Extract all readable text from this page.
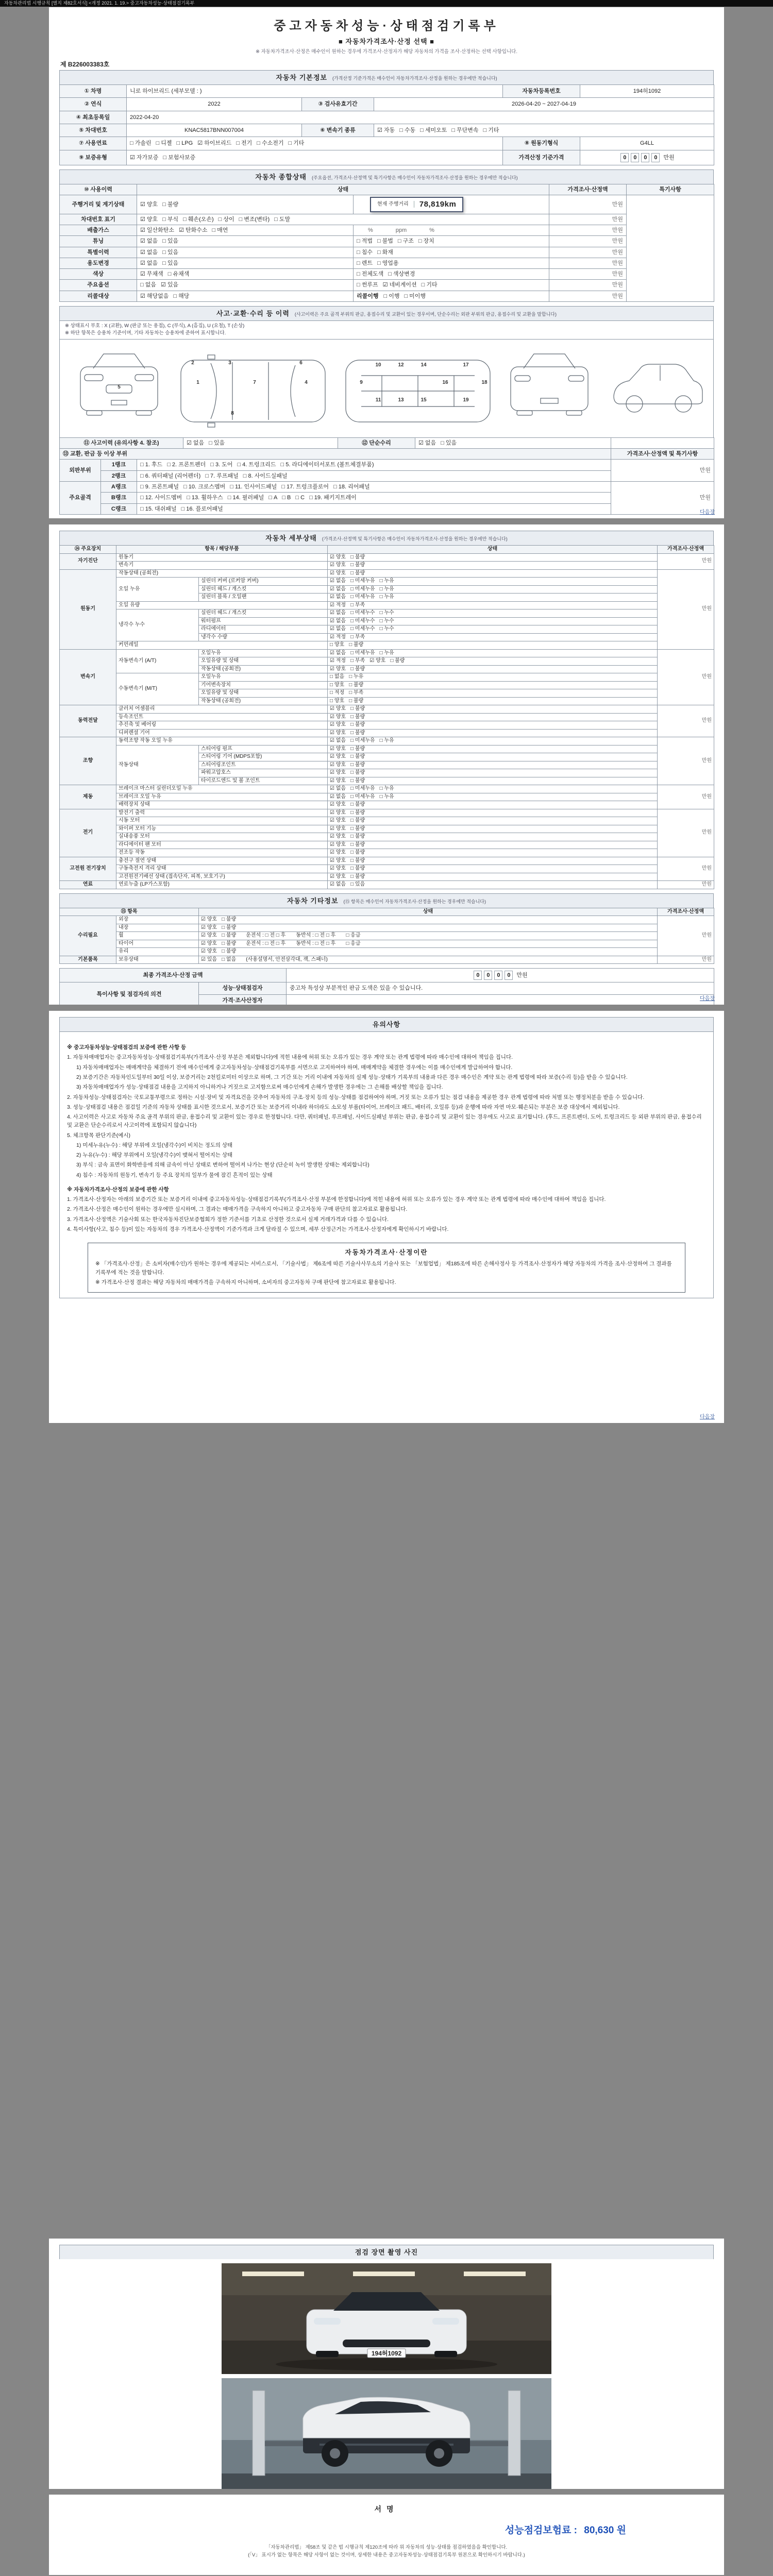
자동차관리법 시행규칙 [별지 제82호서식] <개정 2021. 1. 19.> 중고자동차성능·상태점검기록부
중고자동차성능·상태점검기록부
■ 자동차가격조사·산정 선택 ■
※ 자동차가격조사·산정은 매수인이 원하는 경우에 가격조사·산정자가 해당 자동차의 가격을 조사·산정하는 선택 사항입니다.
제 B226003383호
자동차 기본정보 (가격산정 기준가격은 매수인이 자동차가격조사·산정을 원하는 경우에만 적습니다)
① 차명	니로 하이브리드 (세부모델 : )			자동차등록번호	194허1092
② 연식	2022	③ 검사유효기간	2026-04-20 ~ 2027-04-19		
④ 최초등록일	2022-04-20				
⑤ 차대번호	KNAC5817BNN007004	⑥ 변속기 종류	☑ 자동 □ 수동 □ 세미오토 □ 무단변속 □ 기타		
⑦ 사용연료	□ 가솔린 □ 디젤 □ LPG ☑ 하이브리드 □ 전기 □ 수소전기 □ 기타			⑧ 원동기형식	G4LL
⑨ 보증유형	☑ 자가보증 □ 보험사보증			가격산정 기준가격	0 0 0 0 만원
자동차 종합상태 (주요옵션, 가격조사·산정액 및 특기사항은 매수인이 자동차가격조사·산정을 원하는 경우에만 적습니다)
⑩ 사용이력	상태		가격조사·산정액	특기사항
주행거리 및 계기상태	☑ 양호 □ 불량	현재 주행거리 78,819km	만원	
차대번호 표기	☑ 양호 □ 부식 □ 훼손(오손) □ 상이 □ 변조(변타) □ 도말		만원	
배출가스	☑ 일산화탄소 ☑ 탄화수소 □ 매연	　　%　　　　ppm　　　　%	만원	
튜닝	☑ 없음 □ 있음	□ 적법 □ 불법 □ 구조 □ 장치	만원	
특별이력	☑ 없음 □ 있음	□ 침수 □ 화재	만원	
용도변경	☑ 없음 □ 있음	□ 렌트 □ 영업용	만원	
색상	☑ 무채색 □ 유채색	□ 전체도색 □ 색상변경	만원	
주요옵션	□ 없음 ☑ 있음	□ 썬루프 ☑ 네비게이션 □ 기타	만원	
리콜대상	☑ 해당없음 □ 해당	리콜이행 □ 이행 □ 미이행	만원	
사고·교환·수리 등 이력 (사고이력은 주요 골격 부위의 판금, 용접수리 및 교환이 있는 경우이며, 단순수리는 외판 부위의 판금, 용접수리 및 교환을 말합니다)
※ 상태표시 부호 : X (교환), W (판금 또는 용접), C (부식), A (흠집), U (요철), T (손상)
※ 하단 항목은 승용차 기준이며, 기타 자동차는 승용차에 준하여 표시합니다.
5
1
2	3
7
6
4
8
9
10
11
12
13
14
15
16
17
18
19
⑪ 사고이력 (유의사항 4. 참조)	☑ 없음 □ 있음	⑫ 단순수리	☑ 없음 □ 있음	
⑬ 교환, 판금 등 이상 부위			가격조사·산정액 및 특기사항
외판부위	1랭크	□ 1. 후드 □ 2. 프론트펜더 □ 3. 도어 □ 4. 트렁크리드 □ 5. 라디에이터서포트 (볼트체결부품)	만원
	2랭크	□ 6. 쿼터패널 (리어펜더) □ 7. 루프패널 □ 8. 사이드실패널	
주요골격	A랭크	□ 9. 프론트패널 □ 10. 크로스멤버 □ 11. 인사이드패널 □ 17. 트렁크플로어 □ 18. 리어패널	만원
	B랭크	□ 12. 사이드멤버 □ 13. 휠하우스 □ 14. 필러패널 □ A □ B □ C □ 19. 패키지트레이	
	C랭크	□ 15. 대쉬패널 □ 16. 플로어패널	
다음장
자동차 세부상태 (가격조사·산정액 및 특기사항은 매수인이 자동차가격조사·산정을 원하는 경우에만 적습니다)
⑭ 주요장치	항목 / 해당부품		상태	가격조사·산정액
자기진단	원동기		☑ 양호 □ 불량	만원
	변속기		☑ 양호 □ 불량	
원동기	작동상태 (공회전)		☑ 양호 □ 불량	만원
	오일 누유	실린더 커버 (로커암 커버)	☑ 없음 □ 미세누유 □ 누유	
		실린더 헤드 / 개스킷	☑ 없음 □ 미세누유 □ 누유	
		실린더 블록 / 오일팬	☑ 없음 □ 미세누유 □ 누유	
	오일 유량		☑ 적정 □ 부족	
	냉각수 누수	실린더 헤드 / 개스킷	☑ 없음 □ 미세누수 □ 누수	
		워터펌프	☑ 없음 □ 미세누수 □ 누수	
		라디에이터	☑ 없음 □ 미세누수 □ 누수	
		냉각수 수량	☑ 적정 □ 부족	
	커먼레일		□ 양호 □ 불량	
변속기	자동변속기 (A/T)	오일누유	☑ 없음 □ 미세누유 □ 누유	만원
		오일유량 및 상태	☑ 적정 □ 부족 ☑ 양호 □ 불량	
		작동상태 (공회전)	☑ 양호 □ 불량	
	수동변속기 (M/T)	오일누유	□ 없음 □ 누유	
		기어변속장치	□ 양호 □ 불량	
		오일유량 및 상태	□ 적정 □ 부족	
		작동상태 (공회전)	□ 양호 □ 불량	
동력전달	클러치 어셈블리		☑ 양호 □ 불량	만원
	등속조인트		☑ 양호 □ 불량	
	추진축 및 베어링		☑ 양호 □ 불량	
	디퍼렌셜 기어		☑ 양호 □ 불량	
조향	동력조향 작동 오일 누유		☑ 없음 □ 미세누유 □ 누유	만원
	작동상태	스티어링 펌프	☑ 양호 □ 불량	
		스티어링 기어 (MDPS포함)	☑ 양호 □ 불량	
		스티어링조인트	☑ 양호 □ 불량	
		파워고압호스	☑ 양호 □ 불량	
		타이로드엔드 및 볼 조인트	☑ 양호 □ 불량	
제동	브레이크 마스터 실린더오일 누유		☑ 없음 □ 미세누유 □ 누유	만원
	브레이크 오일 누유		☑ 없음 □ 미세누유 □ 누유	
	배력장치 상태		☑ 양호 □ 불량	
전기	발전기 출력		☑ 양호 □ 불량	만원
	시동 모터		☑ 양호 □ 불량	
	와이퍼 모터 기능		☑ 양호 □ 불량	
	실내송풍 모터		☑ 양호 □ 불량	
	라디에이터 팬 모터		☑ 양호 □ 불량	
	전조등 작동		☑ 양호 □ 불량	
고전원 전기장치	충전구 절연 상태		☑ 양호 □ 불량	만원
	구동축전지 격리 상태		☑ 양호 □ 불량	
	고전원전기배선 상태 (접속단자, 피복, 보호기구)		☑ 양호 □ 불량	
연료	연료누출 (LP가스포함)		☑ 없음 □ 있음	만원
자동차 기타정보 (⑮ 항목은 매수인이 자동차가격조사·산정을 원하는 경우에만 적습니다)
⑮ 항목		상태	가격조사·산정액
수리필요	외장	☑ 양호 □ 불량	만원
	내장	☑ 양호 □ 불량	
	휠	☑ 양호 □ 불량　운전석 : □ 전 □ 후　　동반석 : □ 전 □ 후　　□ 응급	
	타이어	☑ 양호 □ 불량　운전석 : □ 전 □ 후　　동반석 : □ 전 □ 후　　□ 응급	
	유리	☑ 양호 □ 불량	
기본품목	보유상태	☑ 있음 □ 없음　(사용설명서, 안전삼각대, 잭, 스패너)	만원
최종 가격조사·산정 금액		0 0 0 0 만원
특이사항 및 점검자의 의견	성능·상태점검자	중고차 특성상 부분적인 판금 도색은 있을 수 있습니다.
	가격·조사산정자		다음장
유의사항
※ 중고자동차성능·상태점검의 보증에 관한 사항 등
1. 자동차매매업자는 중고자동차성능·상태점검기록부(가격조사·산정 부분은 제외합니다)에 적힌 내용에 허위 또는 오류가 있는 경우 계약 또는 관계 법령에 따라 매수인에 대하여 책임을 집니다.
1) 자동차매매업자는 매매계약을 체결하기 전에 매수인에게 중고자동차성능·상태점검기록부를 서면으로 고지하여야 하며, 매매계약을 체결한 경우에는 이를 매수인에게 발급하여야 합니다.
2) 보증기간은 자동차인도일부터 30일 이상, 보증거리는 2천킬로미터 이상으로 하며, 그 기간 또는 거리 이내에 자동차의 실제 성능·상태가 기록부의 내용과 다른 경우 매수인은 계약 또는 관계 법령에 따라 보증(수리 등)을 받을 수 있습니다.
3) 자동차매매업자가 성능·상태점검 내용을 고지하지 아니하거나 거짓으로 고지함으로써 매수인에게 손해가 발생한 경우에는 그 손해를 배상할 책임을 집니다.
2. 자동차성능·상태점검자는 국토교통부령으로 정하는 시설·장비 및 자격요건을 갖추어 자동차의 구조·장치 등의 성능·상태를 점검하여야 하며, 거짓 또는 오류가 있는 점검 내용을 제공한 경우 관계 법령에 따라 처벌 또는 행정처분을 받을 수 있습니다.
3. 성능·상태점검 내용은 점검일 기준의 자동차 상태를 표시한 것으로서, 보증기간 또는 보증거리 이내라 하더라도 소모성 부품(타이어, 브레이크 패드, 배터리, 오일류 등)과 운행에 따라 자연 마모·훼손되는 부분은 보증 대상에서 제외됩니다.
4. 사고이력은 사고로 자동차 주요 골격 부위의 판금, 용접수리 및 교환이 있는 경우로 한정합니다. 다만, 쿼터패널, 루프패널, 사이드실패널 부위는 판금, 용접수리 및 교환이 있는 경우에도 사고로 표기합니다. (후드, 프론트펜더, 도어, 트렁크리드 등 외판 부위의 판금, 용접수리 및 교환은 단순수리로서 사고이력에 포함되지 않습니다)
5. 체크항목 판단기준(예시)
1) 미세누유(누수) : 해당 부위에 오일(냉각수)이 비치는 정도의 상태
2) 누유(누수) : 해당 부위에서 오일(냉각수)이 맺혀서 떨어지는 상태
3) 부식 : 금속 표면이 화학반응에 의해 금속이 아닌 상태로 변하여 떨어져 나가는 현상 (단순히 녹이 발생한 상태는 제외합니다)
4) 침수 : 자동차의 원동기, 변속기 등 주요 장치의 일부가 물에 잠긴 흔적이 있는 상태
※ 자동차가격조사·산정의 보증에 관한 사항
1. 가격조사·산정자는 아래의 보증기간 또는 보증거리 이내에 중고자동차성능·상태점검기록부(가격조사·산정 부분에 한정합니다)에 적힌 내용에 허위 또는 오류가 있는 경우 계약 또는 관계 법령에 따라 매수인에 대하여 책임을 집니다.
2. 가격조사·산정은 매수인이 원하는 경우에만 실시하며, 그 결과는 매매가격을 구속하지 아니하고 중고자동차 구매 판단의 참고자료로 활용됩니다.
3. 가격조사·산정액은 기술사회 또는 한국자동차진단보증협회가 정한 기준서를 기초로 산정한 것으로서 실제 거래가격과 다를 수 있습니다.
4. 특이사항(사고, 침수 등)이 있는 자동차의 경우 가격조사·산정액이 기준가격과 크게 달라질 수 있으며, 세부 산정근거는 가격조사·산정자에게 확인하시기 바랍니다.
자동차가격조사·산정이란
※ 「가격조사·산정」은 소비자(매수인)가 원하는 경우에 제공되는 서비스로서, 「기술사법」 제6조에 따른 기술사사무소의 기술사 또는 「보험업법」 제185조에 따른 손해사정사 등 가격조사·산정자가 해당 자동차의 가격을 조사·산정하여 그 결과를 기록부에 적는 것을 말합니다.
※ 가격조사·산정 결과는 해당 자동차의 매매가격을 구속하지 아니하며, 소비자의 중고자동차 구매 판단에 참고자료로 활용됩니다.
다음장
점검 장면 촬영 사진
194허1092
서명
성능점검보험료 : 80,630 원
「자동차관리법」 제58조 및 같은 법 시행규칙 제120조에 따라 위 자동차의 성능·상태를 점검하였음을 확인합니다.
(「V」 표시가 없는 항목은 해당 사항이 없는 것이며, 상세한 내용은 중고자동차성능·상태점검기록부 원본으로 확인하시기 바랍니다.)
